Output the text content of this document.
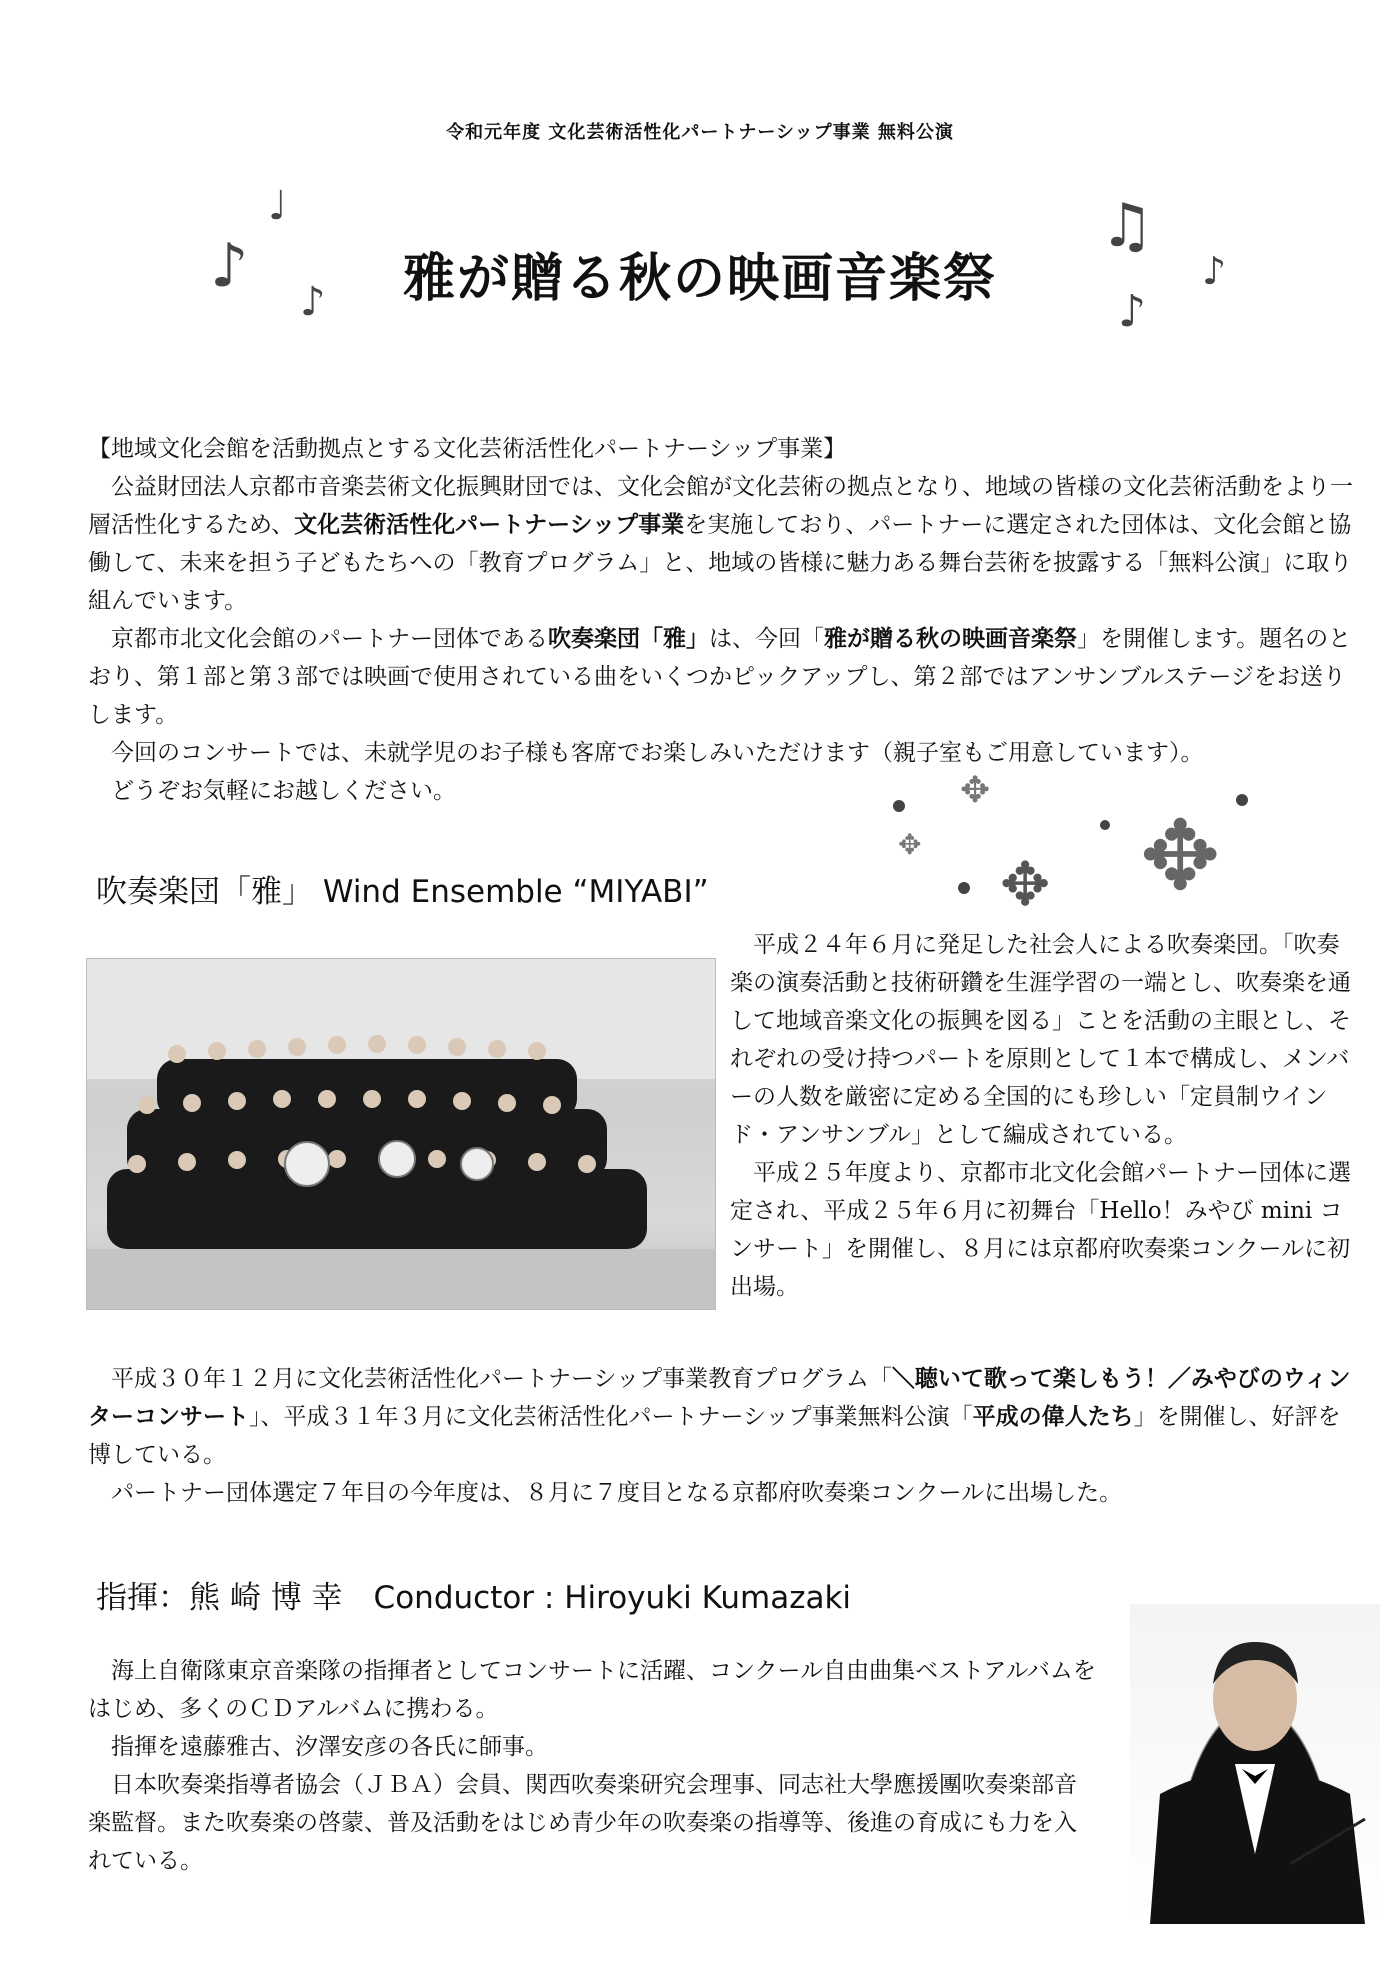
令和元年度 文化芸術活性化パートナーシップ事業 無料公演
♪
♩
♪	雅が贈る秋の映画音楽祭
♫
♪
♪

【地域文化会館を活動拠点とする文化芸術活性化パートナーシップ事業】

公益財団法人京都市音楽芸術文化振興財団では、文化会館が文化芸術の拠点となり、地域の皆様の文化芸術活動をより一層活性化するため、文化芸術活性化パートナーシップ事業を実施しており、パートナーに選定された団体は、文化会館と協働して、未来を担う子どもたちへの「教育プログラム」と、地域の皆様に魅力ある舞台芸術を披露する「無料公演」に取り組んでいます。

京都市北文化会館のパートナー団体である吹奏楽団「雅」は、今回「雅が贈る秋の映画音楽祭」を開催します。題名のとおり、第１部と第３部では映画で使用されている曲をいくつかピックアップし、第２部ではアンサンブルステージをお送りします。

今回のコンサートでは、未就学児のお子様も客席でお楽しみいただけます（親子室もご用意しています）。

どうぞお気軽にお越しください。	✥
✥
✥ ✥
吹奏楽団「雅」 Wind Ensemble “MIYABI”

平成２４年６月に発足した社会人による吹奏楽団。「吹奏楽の演奏活動と技術研鑽を生涯学習の一端とし、吹奏楽を通して地域音楽文化の振興を図る」ことを活動の主眼とし、それぞれの受け持つパートを原則として１本で構成し、メンバーの人数を厳密に定める全国的にも珍しい「定員制ウインド・アンサンブル」として編成されている。

平成２５年度より、京都市北文化会館パートナー団体に選定され、平成２５年６月に初舞台「Hello！みやび mini コンサート」を開催し、８月には京都府吹奏楽コンクールに初出場。

平成３０年１２月に文化芸術活性化パートナーシップ事業教育プログラム「＼聴いて歌って楽しもう！／みやびのウィンターコンサート」、平成３１年３月に文化芸術活性化パートナーシップ事業無料公演「平成の偉人たち」を開催し、好評を博している。

パートナー団体選定７年目の今年度は、８月に７度目となる京都府吹奏楽コンクールに出場した。

指揮：熊 崎 博 幸　Conductor : Hiroyuki Kumazaki

海上自衛隊東京音楽隊の指揮者としてコンサートに活躍、コンクール自由曲集ベストアルバムをはじめ、多くのＣＤアルバムに携わる。

指揮を遠藤雅古、汐澤安彦の各氏に師事。

日本吹奏楽指導者協会（ＪＢＡ）会員、関西吹奏楽研究会理事、同志社大學應援團吹奏楽部音楽監督。また吹奏楽の啓蒙、普及活動をはじめ青少年の吹奏楽の指導等、後進の育成にも力を入れている。
